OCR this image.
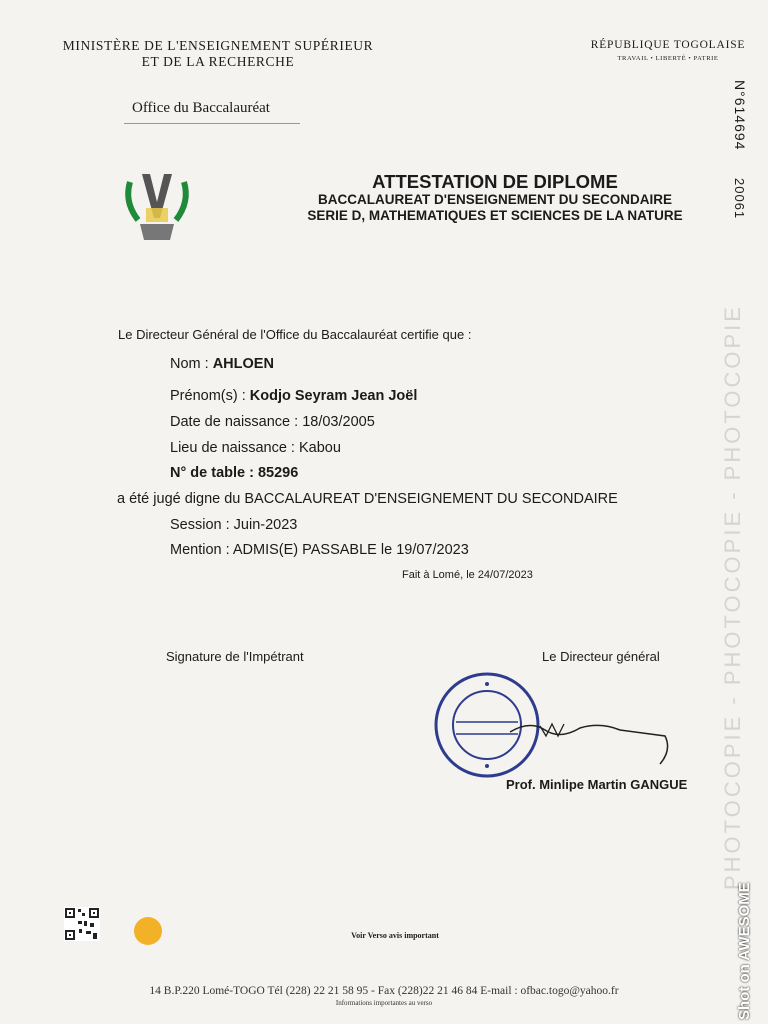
MINISTÈRE DE L'ENSEIGNEMENT SUPÉRIEUR
ET DE LA RECHERCHE
RÉPUBLIQUE TOGOLAISE
TRAVAIL • LIBERTÉ • PATRIE
Office du Baccalauréat	N°614694
20061
ATTESTATION DE DIPLOME
BACCALAUREAT D'ENSEIGNEMENT DU SECONDAIRE
SERIE D, MATHEMATIQUES ET SCIENCES DE LA NATURE
Le Directeur Général de l'Office du Baccalauréat certifie que :
Nom : AHLOEN
Prénom(s) : Kodjo Seyram Jean Joël
Date de naissance : 18/03/2005
Lieu de naissance : Kabou
N° de table : 85296
a été jugé digne du BACCALAUREAT D'ENSEIGNEMENT DU SECONDAIRE
Session : Juin-2023
Mention : ADMIS(E) PASSABLE le 19/07/2023
Fait à Lomé, le 24/07/2023
Signature de l'Impétrant	Le Directeur général
Prof. Minlipe Martin GANGUE PHOTOCOPIE - PHOTOCOPIE - PHOTOCOPIE
Shot on AWESOME
Voir Verso avis important
14 B.P.220 Lomé-TOGO Tél (228) 22 21 58 95 - Fax (228)22 21 46 84 E-mail : ofbac.togo@yahoo.fr
Informations importantes au verso
